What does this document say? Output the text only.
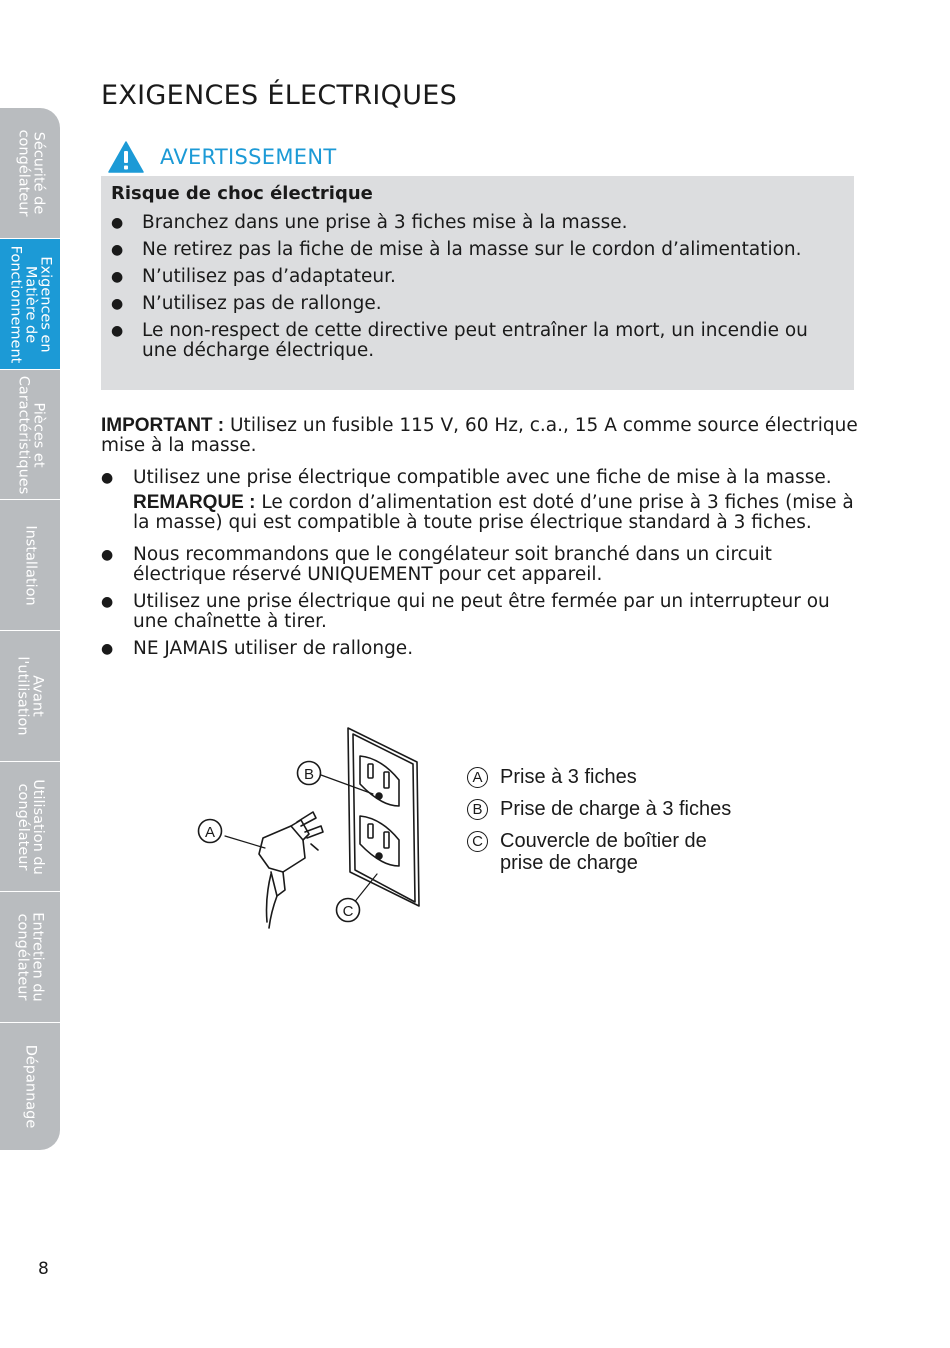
Sécurité de
congélateur
Exigences en
Matière de
Fonctionnement
Pièces et
Caractéristiques
Installation
Avant
l'utilisation
Utilisation du
congélateur
Entretien du
congélateur
Dépannage
EXIGENCES ÉLECTRIQUES
AVERTISSEMENT
Risque de choc électrique
● Branchez dans une prise à 3 fiches mise à la masse.
● Ne retirez pas la fiche de mise à la masse sur le cordon d’alimentation.
● N’utilisez pas d’adaptateur.
● N’utilisez pas de rallonge.
● Le non-respect de cette directive peut entraîner la mort, un incendie ou une décharge électrique.

IMPORTANT : Utilisez un fusible 115 V, 60 Hz, c.a., 15 A comme source électrique mise à la masse.

● Utilisez une prise électrique compatible avec une fiche de mise à la masse.
REMARQUE : Le cordon d’alimentation est doté d’une prise à 3 fiches (mise à la masse) qui est compatible à toute prise électrique standard à 3 fiches.
● Nous recommandons que le congélateur soit branché dans un circuit électrique réservé UNIQUEMENT pour cet appareil.
● Utilisez une prise électrique qui ne peut être fermée par un interrupteur ou une chaînette à tirer.
● NE JAMAIS utiliser de rallonge.
A
B
C
A Prise à 3 fiches
B Prise de charge à 3 fiches
C Couvercle de boîtier de
prise de charge
8
